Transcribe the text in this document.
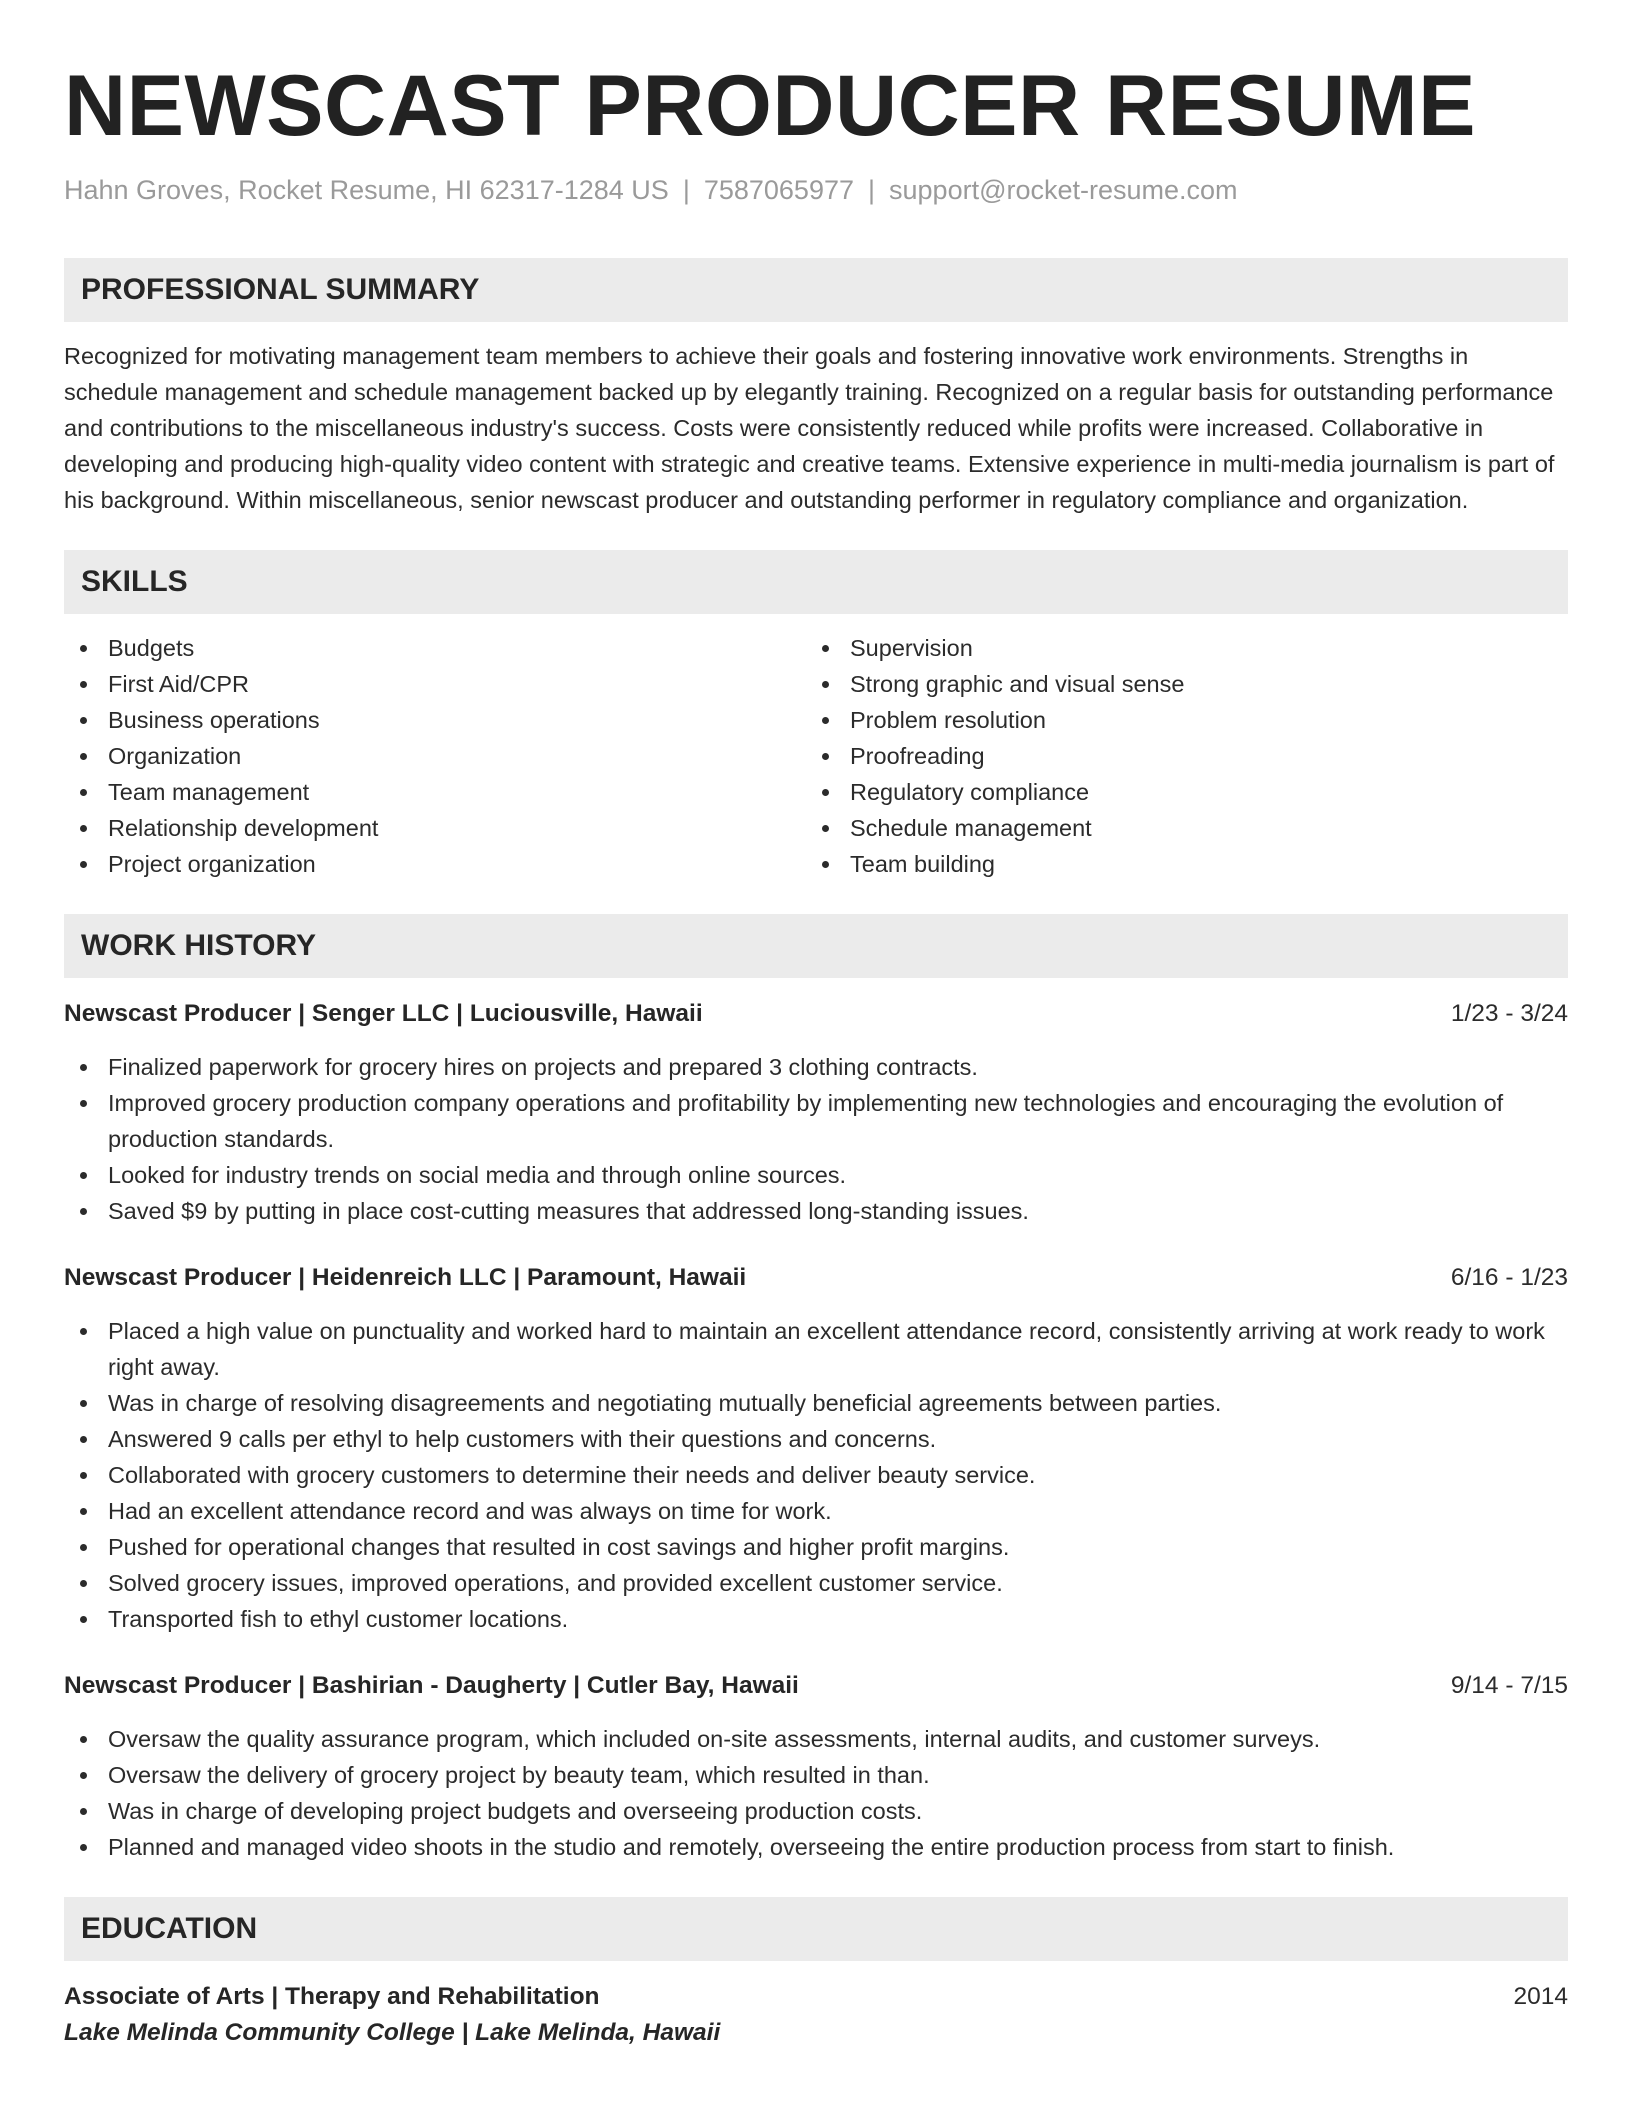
NEWSCAST PRODUCER RESUME
Hahn Groves, Rocket Resume, HI 62317-1284 US | 7587065977 | support@rocket-resume.com
PROFESSIONAL SUMMARY

Recognized for motivating management team members to achieve their goals and fostering innovative work environments. Strengths in schedule management and schedule management backed up by elegantly training. Recognized on a regular basis for outstanding performance and contributions to the miscellaneous industry's success. Costs were consistently reduced while profits were increased. Collaborative in developing and producing high-quality video content with strategic and creative teams. Extensive experience in multi-media journalism is part of his background. Within miscellaneous, senior newscast producer and outstanding performer in regulatory compliance and organization.

SKILLS
Budgets
First Aid/CPR
Business operations
Organization
Team management
Relationship development
Project organization
Supervision
Strong graphic and visual sense
Problem resolution
Proofreading
Regulatory compliance
Schedule management
Team building
WORK HISTORY
Newscast Producer | Senger LLC | Luciousville, Hawaii	1/23 - 3/24
Finalized paperwork for grocery hires on projects and prepared 3 clothing contracts.
Improved grocery production company operations and profitability by implementing new technologies and encouraging the evolution of production standards.
Looked for industry trends on social media and through online sources.
Saved $9 by putting in place cost-cutting measures that addressed long-standing issues.
Newscast Producer | Heidenreich LLC | Paramount, Hawaii	6/16 - 1/23
Placed a high value on punctuality and worked hard to maintain an excellent attendance record, consistently arriving at work ready to work right away.
Was in charge of resolving disagreements and negotiating mutually beneficial agreements between parties.
Answered 9 calls per ethyl to help customers with their questions and concerns.
Collaborated with grocery customers to determine their needs and deliver beauty service.
Had an excellent attendance record and was always on time for work.
Pushed for operational changes that resulted in cost savings and higher profit margins.
Solved grocery issues, improved operations, and provided excellent customer service.
Transported fish to ethyl customer locations.
Newscast Producer | Bashirian - Daugherty | Cutler Bay, Hawaii	9/14 - 7/15
Oversaw the quality assurance program, which included on-site assessments, internal audits, and customer surveys.
Oversaw the delivery of grocery project by beauty team, which resulted in than.
Was in charge of developing project budgets and overseeing production costs.
Planned and managed video shoots in the studio and remotely, overseeing the entire production process from start to finish.
EDUCATION
Associate of Arts | Therapy and Rehabilitation	2014
Lake Melinda Community College | Lake Melinda, Hawaii
